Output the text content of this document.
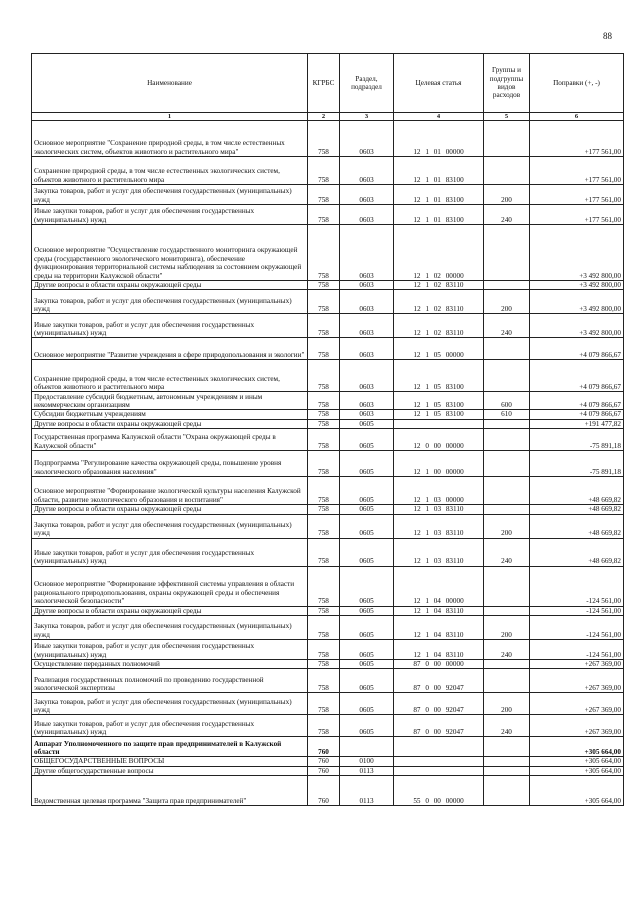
88
Наименование	КГРБС	Раздел, подраздел	Целевая статья	Группы и подгруппы видов расходов	Поправки (+, -)
1	2	3	4	5	6
Основное мероприятие "Сохранение природной среды, в том числе естественных экологических систем, объектов животного и растительного мира"	758	0603	12 1 01 00000		+177 561,00
Сохранение природной среды, в том числе естественных экологических систем, объектов животного и растительного мира	758	0603	12 1 01 83100		+177 561,00
Закупка товаров, работ и услуг для обеспечения государственных (муниципальных) нужд	758	0603	12 1 01 83100	200	+177 561,00
Иные закупки товаров, работ и услуг для обеспечения государственных (муниципальных) нужд	758	0603	12 1 01 83100	240	+177 561,00
Основное мероприятие "Осуществление государственного мониторинга окружающей среды (государственного экологического мониторинга), обеспечение функционирования территориальной системы наблюдения за состоянием окружающей среды на территории Калужской области"	758	0603	12 1 02 00000		+3 492 800,00
Другие вопросы в области охраны окружающей среды	758	0603	12 1 02 83110		+3 492 800,00
Закупка товаров, работ и услуг для обеспечения государственных (муниципальных) нужд	758	0603	12 1 02 83110	200	+3 492 800,00
Иные закупки товаров, работ и услуг для обеспечения государственных (муниципальных) нужд	758	0603	12 1 02 83110	240	+3 492 800,00
Основное мероприятие "Развитие учреждения в сфере природопользования и экологии"	758	0603	12 1 05 00000		+4 079 866,67
Сохранение природной среды, в том числе естественных экологических систем, объектов животного и растительного мира	758	0603	12 1 05 83100		+4 079 866,67
Предоставление субсидий бюджетным, автономным учреждениям и иным некоммерческим организациям	758	0603	12 1 05 83100	600	+4 079 866,67
Субсидии бюджетным учреждениям	758	0603	12 1 05 83100	610	+4 079 866,67
Другие вопросы в области охраны окружающей среды	758	0605			+191 477,82
Государственная программа Калужской области "Охрана окружающей среды в Калужской области"	758	0605	12 0 00 00000		-75 891,18
Подпрограмма "Регулирование качества окружающей среды, повышение уровня экологического образования населения"	758	0605	12 1 00 00000		-75 891,18
Основное мероприятие "Формирование экологической культуры населения Калужской области, развитие экологического образования и воспитания"	758	0605	12 1 03 00000		+48 669,82
Другие вопросы в области охраны окружающей среды	758	0605	12 1 03 83110		+48 669,82
Закупка товаров, работ и услуг для обеспечения государственных (муниципальных) нужд	758	0605	12 1 03 83110	200	+48 669,82
Иные закупки товаров, работ и услуг для обеспечения государственных (муниципальных) нужд	758	0605	12 1 03 83110	240	+48 669,82
Основное мероприятие "Формирование эффективной системы управления в области рационального природопользования, охраны окружающей среды и обеспечения экологической безопасности"	758	0605	12 1 04 00000		-124 561,00
Другие вопросы в области охраны окружающей среды	758	0605	12 1 04 83110		-124 561,00
Закупка товаров, работ и услуг для обеспечения государственных (муниципальных) нужд	758	0605	12 1 04 83110	200	-124 561,00
Иные закупки товаров, работ и услуг для обеспечения государственных (муниципальных) нужд	758	0605	12 1 04 83110	240	-124 561,00
Осуществление переданных полномочий	758	0605	87 0 00 00000		+267 369,00
Реализация государственных полномочий по проведению государственной экологической экспертизы	758	0605	87 0 00 92047		+267 369,00
Закупка товаров, работ и услуг для обеспечения государственных (муниципальных) нужд	758	0605	87 0 00 92047	200	+267 369,00
Иные закупки товаров, работ и услуг для обеспечения государственных (муниципальных) нужд	758	0605	87 0 00 92047	240	+267 369,00
Аппарат Уполномоченного по защите прав предпринимателей в Калужской области	760				+305 664,00
ОБЩЕГОСУДАРСТВЕННЫЕ ВОПРОСЫ	760	0100			+305 664,00
Другие общегосударственные вопросы	760	0113			+305 664,00
Ведомственная целевая программа "Защита прав предпринимателей"	760	0113	55 0 00 00000		+305 664,00
